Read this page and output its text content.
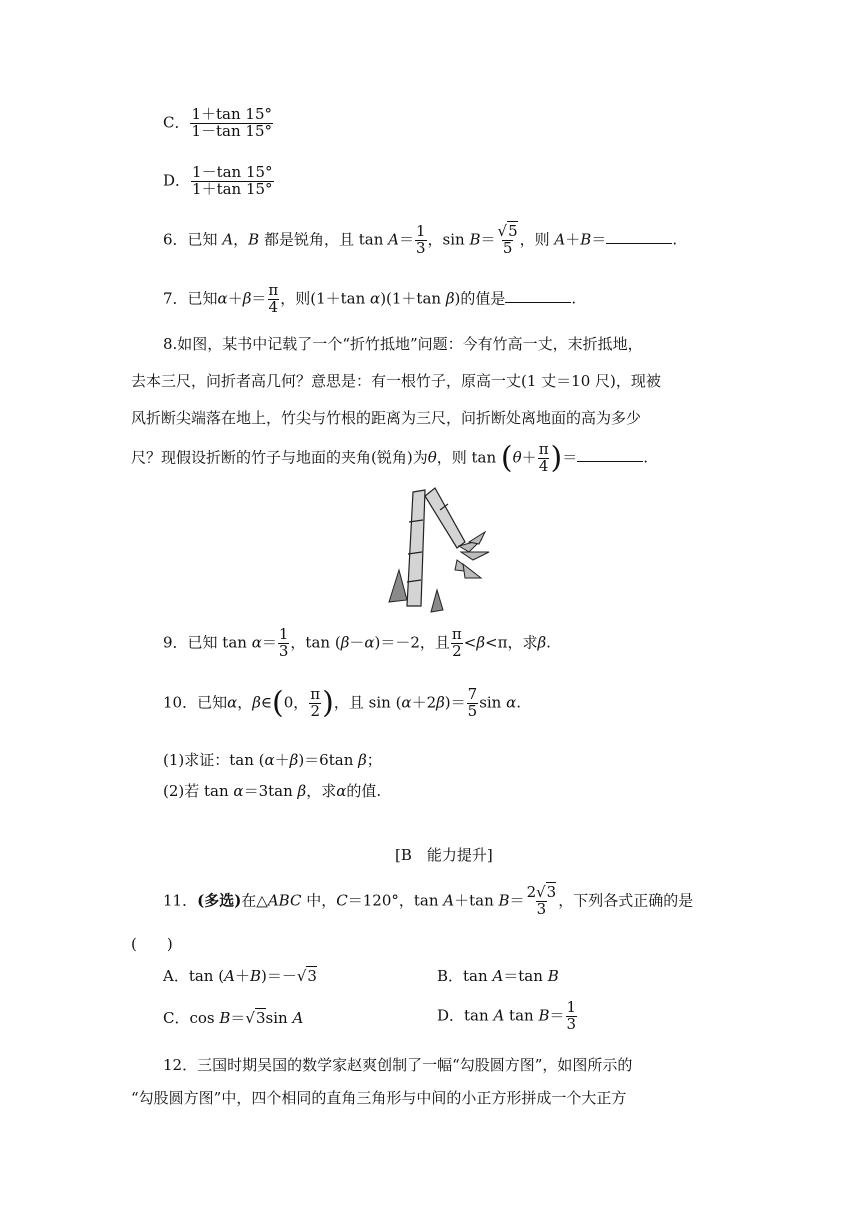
C． $\frac{1+\tan 15^\circ}{1-\tan 15^\circ}$
D． $\frac{1-\tan 15^\circ}{1+\tan 15^\circ}$
6．已知 A，B 都是锐角，且 $\tan A= \frac{1}{3}$ ，$\sin B= \frac{√5}{5}$ ，则 A＋B＝	.
7．已知$\alpha+\beta= \frac{\pi}{4}$ ，则(1＋tan α)(1＋tan β)的值是	.
8.如图，某书中记载了一个“折竹抵地”问题：今有竹高一丈，末折抵地，
去本三尺，问折者高几何？意思是：有一根竹子，原高一丈(1 丈＝10 尺)，现被
风折断尖端落在地上，竹尖与竹根的距离为三尺，问折断处离地面的高为多少
尺？现假设折断的竹子与地面的夹角(锐角)为θ，则 $\tan (\theta+ \frac{\pi}{4}$ )＝	.
9．已知 $\tan \alpha= \frac{1}{3}$ ，tan (β－α)＝－2，且 $\frac{\pi}{2} <\beta<\pi$，求β.
10．已知α，β∈(0， $\frac{\pi}{2}$ )，且 $\sin (\alpha+2\beta)= \frac{7}{5}$ sin α.
(1)求证：tan (α＋β)＝6tan β；
(2)若 tan α＝3tan β，求α的值.
[B　能力提升]
11．(多选)在△ABC 中，C＝120°，tan A＋tan $B= \frac{2√3}{3}$ ，下列各式正确的是
(　　)
A．tan (A＋B)＝－√3	B．tan A＝tan B
C．cos B＝√3sin A	D．tan A $\tan B= \frac{1}{3}$
12．三国时期吴国的数学家赵爽创制了一幅“勾股圆方图”，如图所示的
“勾股圆方图”中，四个相同的直角三角形与中间的小正方形拼成一个大正方
